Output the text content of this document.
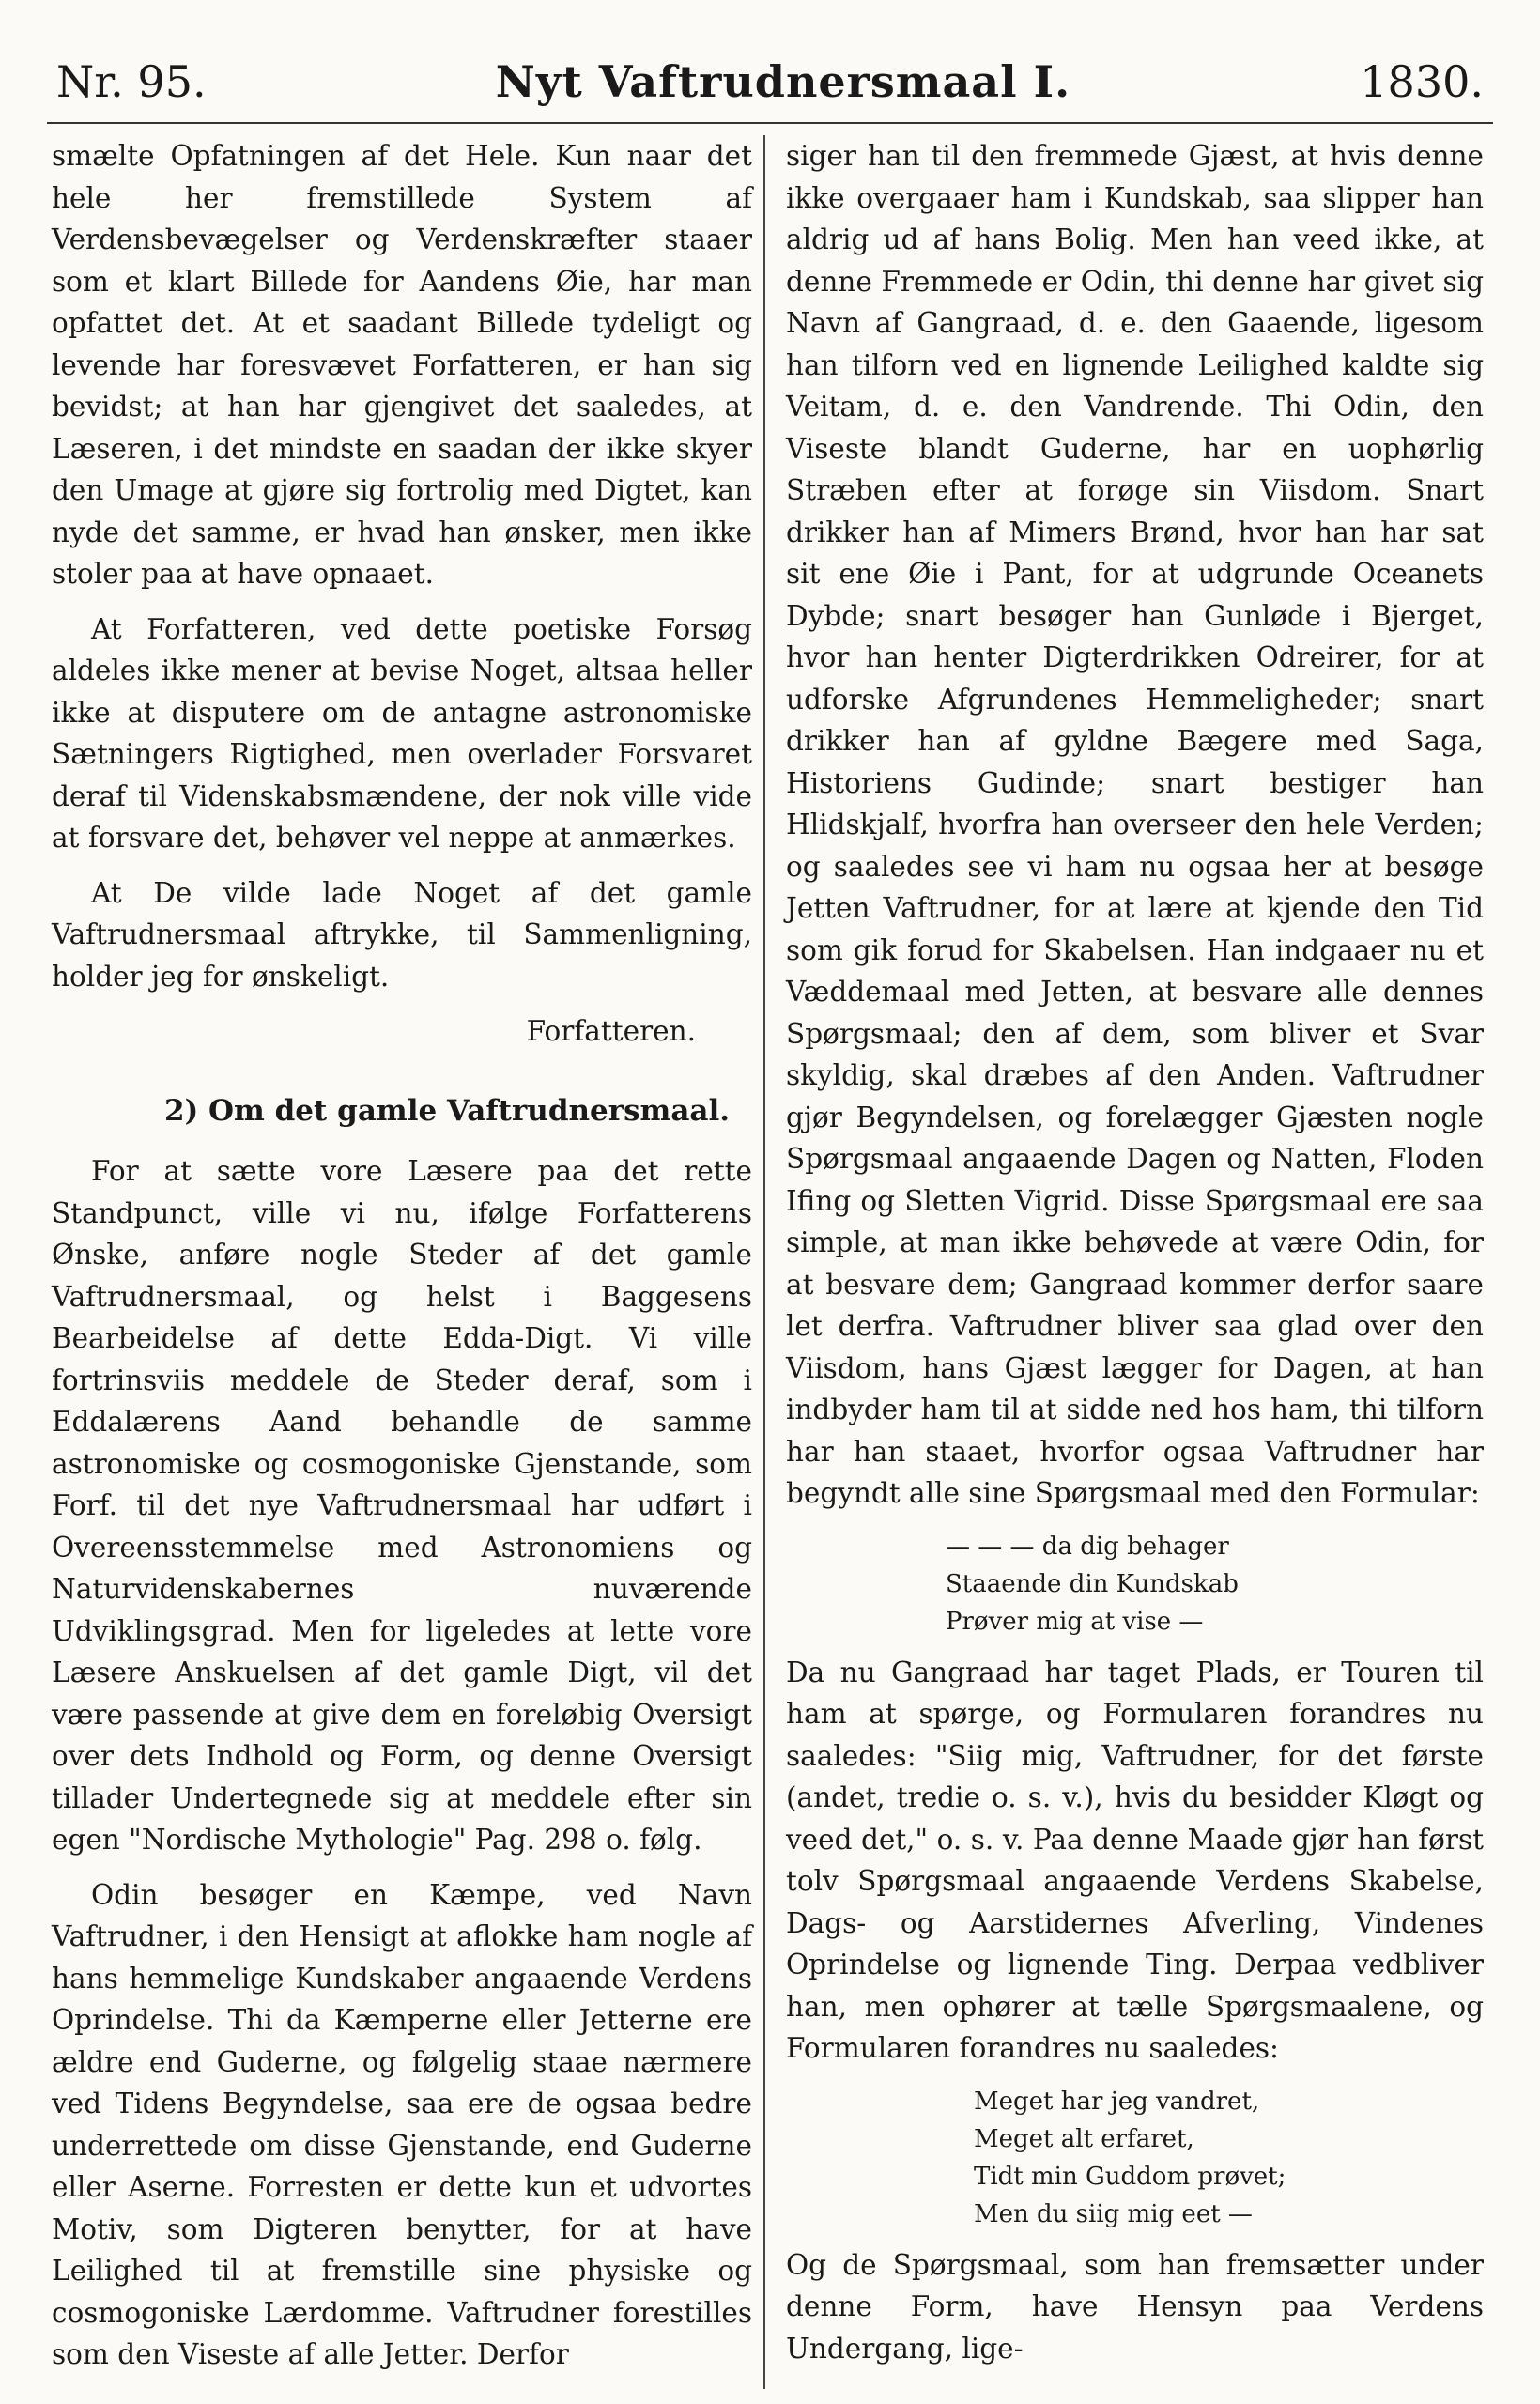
Nr. 95.	Nyt Vaftrudnersmaal I.	1830.

smælte Opfatningen af det Hele. Kun naar det hele her fremstillede System af Verdensbevægelser og Verdenskræfter staaer som et klart Billede for Aandens Øie, har man opfattet det. At et saadant Billede tydeligt og levende har foresvævet Forfatteren, er han sig bevidst; at han har gjengivet det saaledes, at Læseren, i det mindste en saadan der ikke skyer den Umage at gjøre sig fortrolig med Digtet, kan nyde det samme, er hvad han ønsker, men ikke stoler paa at have opnaaet.

At Forfatteren, ved dette poetiske Forsøg aldeles ikke mener at bevise Noget, altsaa heller ikke at disputere om de antagne astronomiske Sætningers Rigtighed, men overlader Forsvaret deraf til Videnskabsmændene, der nok ville vide at forsvare det, behøver vel neppe at anmærkes.

At De vilde lade Noget af det gamle Vaftrudnersmaal aftrykke, til Sammenligning, holder jeg for ønskeligt.

Forfatteren.
2) Om det gamle Vaftrudnersmaal.

For at sætte vore Læsere paa det rette Standpunct, ville vi nu, ifølge Forfatterens Ønske, anføre nogle Steder af det gamle Vaftrudnersmaal, og helst i Baggesens Bearbeidelse af dette Edda-Digt. Vi ville fortrinsviis meddele de Steder deraf, som i Eddalærens Aand behandle de samme astronomiske og cosmogoniske Gjenstande, som Forf. til det nye Vaftrudnersmaal har udført i Overeensstemmelse med Astronomiens og Naturvidenskabernes nuværende Udviklingsgrad. Men for ligeledes at lette vore Læsere Anskuelsen af det gamle Digt, vil det være passende at give dem en foreløbig Oversigt over dets Indhold og Form, og denne Oversigt tillader Undertegnede sig at meddele efter sin egen "Nordische Mythologie" Pag. 298 o. følg.

Odin besøger en Kæmpe, ved Navn Vaftrudner, i den Hensigt at aflokke ham nogle af hans hemmelige Kundskaber angaaende Verdens Oprindelse. Thi da Kæmperne eller Jetterne ere ældre end Guderne, og følgelig staae nærmere ved Tidens Begyndelse, saa ere de ogsaa bedre underrettede om disse Gjenstande, end Guderne eller Aserne. Forresten er dette kun et udvortes Motiv, som Digteren benytter, for at have Leilighed til at fremstille sine physiske og cosmogoniske Lærdomme. Vaftrudner forestilles som den Viseste af alle Jetter. Derfor

siger han til den fremmede Gjæst, at hvis denne ikke overgaaer ham i Kundskab, saa slipper han aldrig ud af hans Bolig. Men han veed ikke, at denne Fremmede er Odin, thi denne har givet sig Navn af Gangraad, d. e. den Gaaende, ligesom han tilforn ved en lignende Leilighed kaldte sig Veitam, d. e. den Vandrende. Thi Odin, den Viseste blandt Guderne, har en uophørlig Stræben efter at forøge sin Viisdom. Snart drikker han af Mimers Brønd, hvor han har sat sit ene Øie i Pant, for at udgrunde Oceanets Dybde; snart besøger han Gunløde i Bjerget, hvor han henter Digterdrikken Odreirer, for at udforske Afgrundenes Hemmeligheder; snart drikker han af gyldne Bægere med Saga, Historiens Gudinde; snart bestiger han Hlidskjalf, hvorfra han overseer den hele Verden; og saaledes see vi ham nu ogsaa her at besøge Jetten Vaftrudner, for at lære at kjende den Tid som gik forud for Skabelsen. Han indgaaer nu et Væddemaal med Jetten, at besvare alle dennes Spørgsmaal; den af dem, som bliver et Svar skyldig, skal dræbes af den Anden. Vaftrudner gjør Begyndelsen, og forelægger Gjæsten nogle Spørgsmaal angaaende Dagen og Natten, Floden Ifing og Sletten Vigrid. Disse Spørgsmaal ere saa simple, at man ikke behøvede at være Odin, for at besvare dem; Gangraad kommer derfor saare let derfra. Vaftrudner bliver saa glad over den Viisdom, hans Gjæst lægger for Dagen, at han indbyder ham til at sidde ned hos ham, thi tilforn har han staaet, hvorfor ogsaa Vaftrudner har begyndt alle sine Spørgsmaal med den Formular:

— — — da dig behager
Staaende din Kundskab
Prøver mig at vise —

Da nu Gangraad har taget Plads, er Touren til ham at spørge, og Formularen forandres nu saaledes: "Siig mig, Vaftrudner, for det første (andet, tredie o. s. v.), hvis du besidder Kløgt og veed det," o. s. v. Paa denne Maade gjør han først tolv Spørgsmaal angaaende Verdens Skabelse, Dags- og Aarstidernes Afverling, Vindenes Oprindelse og lignende Ting. Derpaa vedbliver han, men ophører at tælle Spørgsmaalene, og Formularen forandres nu saaledes:

Meget har jeg vandret,
Meget alt erfaret,
Tidt min Guddom prøvet;
Men du siig mig eet —

Og de Spørgsmaal, som han fremsætter under denne Form, have Hensyn paa Verdens Undergang, lige-
